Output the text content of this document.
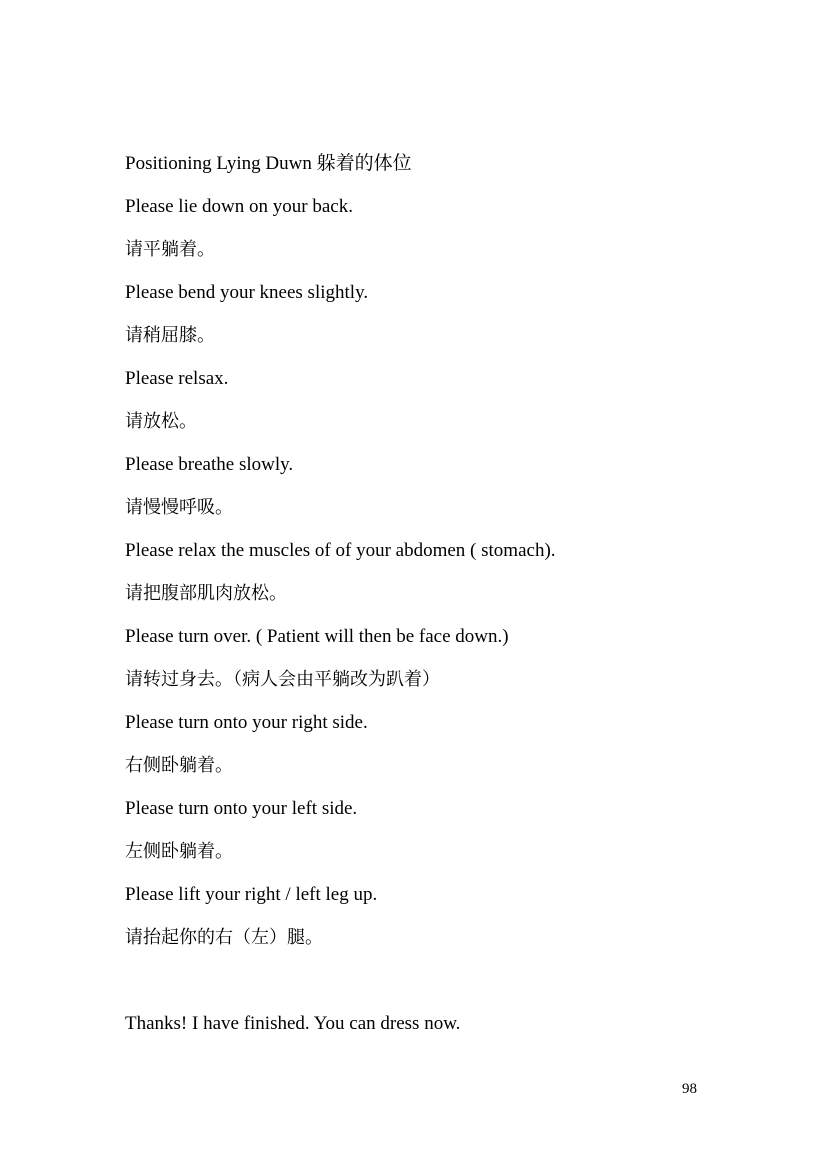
Positioning Lying Duwn 躲着的体位
Please lie down on your back.
请平躺着。
Please bend your knees slightly.
请稍屈膝。
Please relsax.
请放松。
Please breathe slowly.
请慢慢呼吸。
Please relax the muscles of of your abdomen ( stomach).
请把腹部肌肉放松。
Please turn over. ( Patient will then be face down.)
请转过身去。（病人会由平躺改为趴着）
Please turn onto your right side.
右侧卧躺着。
Please turn onto your left side.
左侧卧躺着。
Please lift your right / left leg up.
请抬起你的右（左）腿。
Thanks! I have finished. You can dress now.
98
